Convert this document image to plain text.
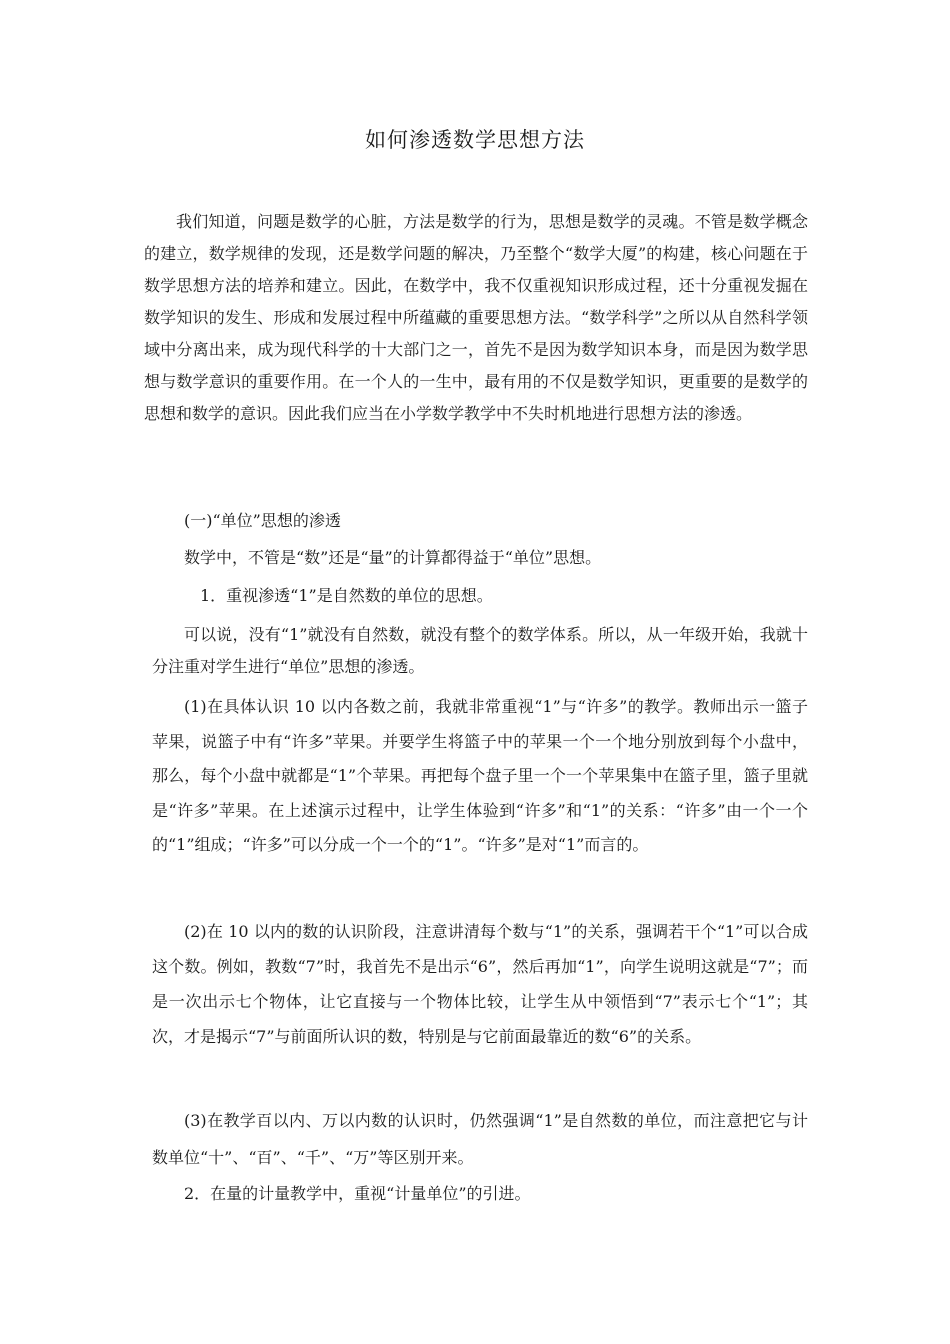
如何渗透数学思想方法

我们知道，问题是数学的心脏，方法是数学的行为，思想是数学的灵魂。不管是数学概念的建立，数学规律的发现，还是数学问题的解决，乃至整个“数学大厦”的构建，核心问题在于数学思想方法的培养和建立。因此，在数学中，我不仅重视知识形成过程，还十分重视发掘在数学知识的发生、形成和发展过程中所蕴藏的重要思想方法。“数学科学”之所以从自然科学领域中分离出来，成为现代科学的十大部门之一，首先不是因为数学知识本身，而是因为数学思想与数学意识的重要作用。在一个人的一生中，最有用的不仅是数学知识，更重要的是数学的思想和数学的意识。因此我们应当在小学数学教学中不失时机地进行思想方法的渗透。

(一)“单位”思想的渗透

数学中，不管是“数”还是“量”的计算都得益于“单位”思想。

1．重视渗透“1”是自然数的单位的思想。

可以说，没有“1”就没有自然数，就没有整个的数学体系。所以，从一年级开始，我就十分注重对学生进行“单位”思想的渗透。

(1)在具体认识 10 以内各数之前，我就非常重视“1”与“许多”的教学。教师出示一篮子苹果，说篮子中有“许多”苹果。并要学生将篮子中的苹果一个一个地分别放到每个小盘中，那么，每个小盘中就都是“1”个苹果。再把每个盘子里一个一个苹果集中在篮子里，篮子里就是“许多”苹果。在上述演示过程中，让学生体验到“许多”和“1”的关系：“许多”由一个一个的“1”组成；“许多”可以分成一个一个的“1”。“许多”是对“1”而言的。

(2)在 10 以内的数的认识阶段，注意讲清每个数与“1”的关系，强调若干个“1”可以合成这个数。例如，教数“7”时，我首先不是出示“6”，然后再加“1”，向学生说明这就是“7”；而是一次出示七个物体，让它直接与一个物体比较，让学生从中领悟到“7”表示七个“1”；其次，才是揭示“7”与前面所认识的数，特别是与它前面最靠近的数“6”的关系。

(3)在教学百以内、万以内数的认识时，仍然强调“1”是自然数的单位，而注意把它与计数单位“十”、“百”、“千”、“万”等区别开来。

2．在量的计量教学中，重视“计量单位”的引进。
